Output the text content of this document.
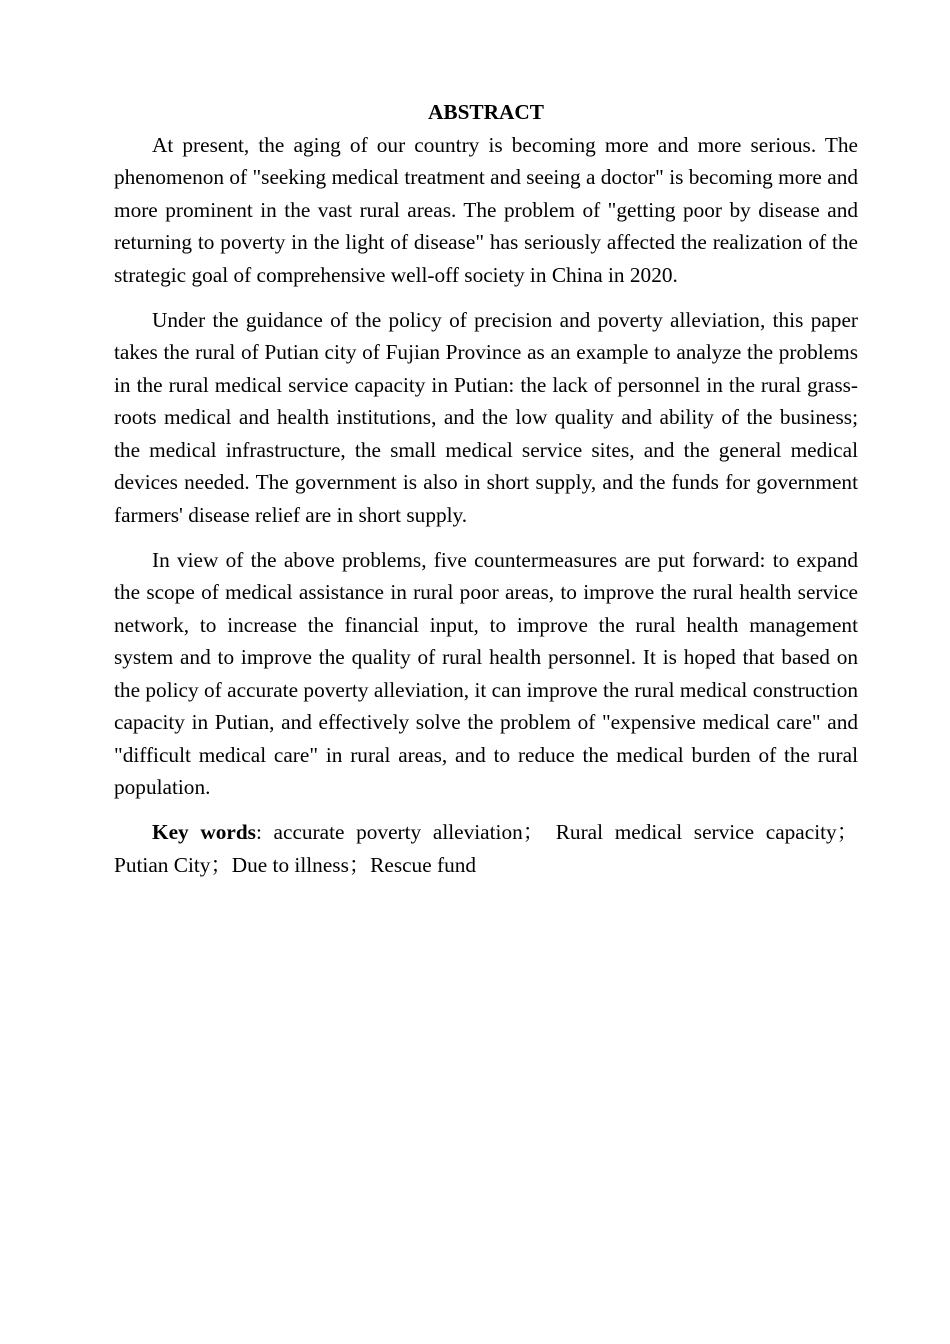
ABSTRACT

At present, the aging of our country is becoming more and more serious. The phenomenon of "seeking medical treatment and seeing a doctor" is becoming more and more prominent in the vast rural areas. The problem of "getting poor by disease and returning to poverty in the light of disease" has seriously affected the realization of the strategic goal of comprehensive well-off society in China in 2020.

Under the guidance of the policy of precision and poverty alleviation, this paper takes the rural of Putian city of Fujian Province as an example to analyze the problems in the rural medical service capacity in Putian: the lack of personnel in the rural grass-roots medical and health institutions, and the low quality and ability of the business; the medical infrastructure, the small medical service sites, and the general medical devices needed. The government is also in short supply, and the funds for government farmers' disease relief are in short supply.

In view of the above problems, five countermeasures are put forward: to expand the scope of medical assistance in rural poor areas, to improve the rural health service network, to increase the financial input, to improve the rural health management system and to improve the quality of rural health personnel. It is hoped that based on the policy of accurate poverty alleviation, it can improve the rural medical construction capacity in Putian, and effectively solve the problem of "expensive medical care" and "difficult medical care" in rural areas, and to reduce the medical burden of the rural population.

Key words: accurate poverty alleviation； Rural medical service capacity；Putian City；Due to illness；Rescue fund
